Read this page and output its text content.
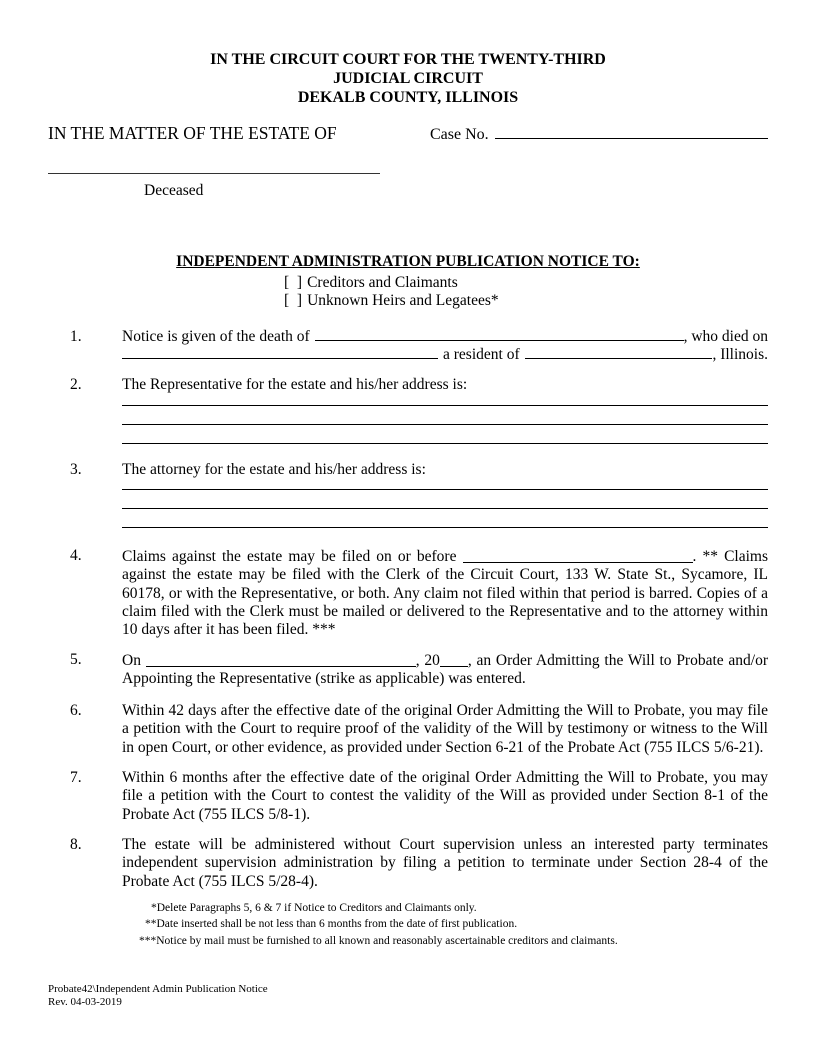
IN THE CIRCUIT COURT FOR THE TWENTY-THIRD
JUDICIAL CIRCUIT
DEKALB COUNTY, ILLINOIS
IN THE MATTER OF THE ESTATE OF	Case No.
Deceased
INDEPENDENT ADMINISTRATION PUBLICATION NOTICE TO:
[  ] Creditors and Claimants
[  ] Unknown Heirs and Legatees*
1.	Notice is given of the death of	, who died on
a resident of	, Illinois.
2.	The Representative for the estate and his/her address is:
3.	The attorney for the estate and his/her address is:
4.	Claims against the estate may be filed on or before	. ** Claims against the estate may be filed with the Clerk of the Circuit Court, 133 W. State St., Sycamore, IL 60178, or with the Representative, or both. Any claim not filed within that period is barred. Copies of a claim filed with the Clerk must be mailed or delivered to the Representative and to the attorney within 10 days after it has been filed. ***
5.	On	, 20 , an Order Admitting the Will to Probate and/or Appointing the Representative (strike as applicable) was entered.
6.	Within 42 days after the effective date of the original Order Admitting the Will to Probate, you may file a petition with the Court to require proof of the validity of the Will by testimony or witness to the Will in open Court, or other evidence, as provided under Section 6-21 of the Probate Act (755 ILCS 5/6-21).
7.	Within 6 months after the effective date of the original Order Admitting the Will to Probate, you may file a petition with the Court to contest the validity of the Will as provided under Section 8-1 of the Probate Act (755 ILCS 5/8-1).
8.	The estate will be administered without Court supervision unless an interested party terminates independent supervision administration by filing a petition to terminate under Section 28-4 of the Probate Act (755 ILCS 5/28-4).
*Delete Paragraphs 5, 6 & 7 if Notice to Creditors and Claimants only.
**Date inserted shall be not less than 6 months from the date of first publication.
***Notice by mail must be furnished to all known and reasonably ascertainable creditors and claimants.
Probate42\Independent Admin Publication Notice
Rev. 04-03-2019
